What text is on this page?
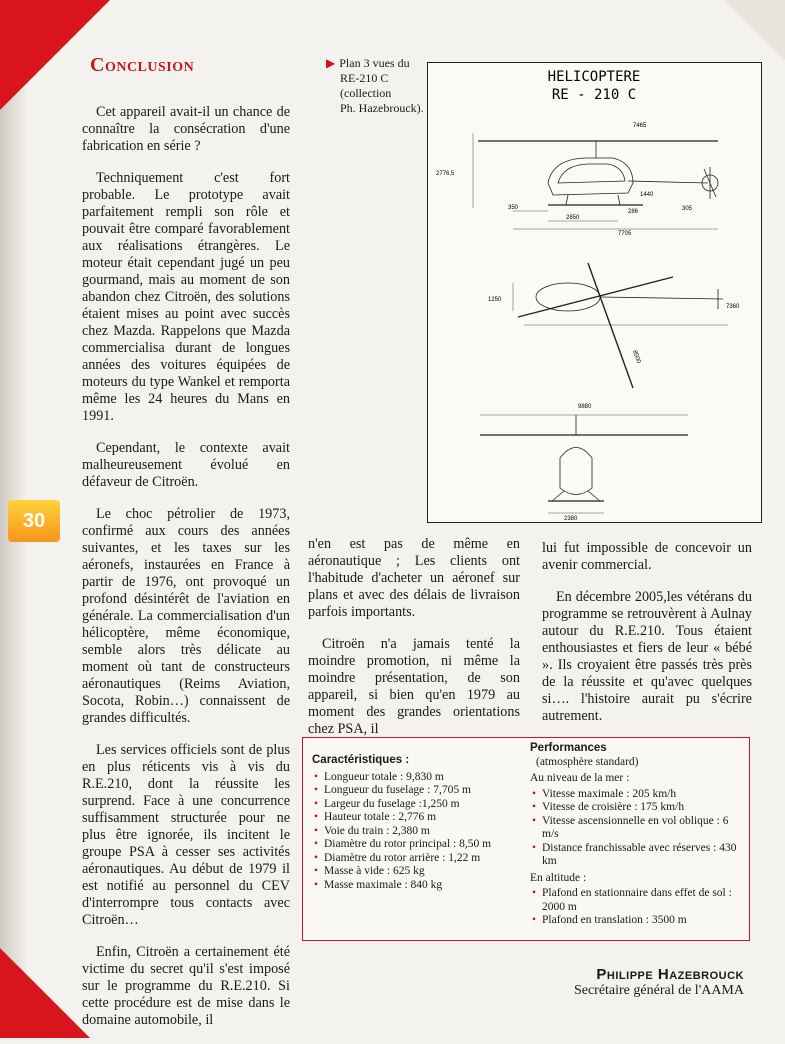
30
Conclusion

Cet appareil avait-il un chance de connaître la consécration d'une fabrication en série ?

Techniquement c'est fort probable. Le prototype avait parfaitement rempli son rôle et pouvait être comparé favorablement aux réalisations étrangères. Le moteur était cependant jugé un peu gourmand, mais au moment de son abandon chez Citroën, des solutions étaient mises au point avec succès chez Mazda. Rappelons que Mazda commercialisa durant de longues années des voitures équipées de moteurs du type Wankel et remporta même les 24 heures du Mans en 1991.

Cependant, le contexte avait malheureusement évolué en défaveur de Citroën.

Le choc pétrolier de 1973, confirmé aux cours des années suivantes, et les taxes sur les aéronefs, instaurées en France à partir de 1976, ont provoqué un profond désintérêt de l'aviation en générale. La commercialisation d'un hélicoptère, même économique, semble alors très délicate au moment où tant de constructeurs aéronautiques (Reims Aviation, Socota, Robin…) connaissent de grandes difficultés.

Les services officiels sont de plus en plus réticents vis à vis du R.E.210, dont la réussite les surprend. Face à une concurrence suffisamment structurée pour ne plus être ignorée, ils incitent le groupe PSA à cesser ses activités aéronautiques. Au début de 1979 il est notifié au personnel du CEV d'interrompre tous contacts avec Citroën…

Enfin, Citroën a certainement été victime du secret qu'il s'est imposé sur le programme du R.E.210. Si cette procédure est de mise dans le domaine automobile, il

▶ Plan 3 vues du
RE-210 C
(collection
Ph. Hazebrouck).
HELICOPTERE
RE - 210 C
7465
2776,5
1440
350
2850
286	305
7705
1250
7360
8500
9880
2380

n'en est pas de même en aéronautique ; Les clients ont l'habitude d'acheter un aéronef sur plans et avec des délais de livraison parfois importants.

Citroën n'a jamais tenté la moindre promotion, ni même la moindre présentation, de son appareil, si bien qu'en 1979 au moment des grandes orientations chez PSA, il

lui fut impossible de concevoir un avenir commercial.

En décembre 2005,les vétérans du programme se retrouvèrent à Aulnay autour du R.E.210. Tous étaient enthousiastes et fiers de leur « bébé ». Ils croyaient être passés très près de la réussite et qu'avec quelques si…. l'histoire aurait pu s'écrire autrement.

Caractéristiques :
• Longueur totale : 9,830 m
• Longueur du fuselage : 7,705 m
• Largeur du fuselage :1,250 m
• Hauteur totale : 2,776 m
• Voie du train : 2,380 m
• Diamètre du rotor principal : 8,50 m
• Diamètre du rotor arrière : 1,22 m
• Masse à vide : 625 kg
• Masse maximale : 840 kg
Performances
(atmosphère standard)
Au niveau de la mer :
• Vitesse maximale : 205 km/h
• Vitesse de croisière : 175 km/h
• Vitesse ascensionnelle en vol oblique : 6 m/s
• Distance franchissable avec réserves : 430 km
En altitude :
• Plafond en stationnaire dans effet de sol : 2000 m
• Plafond en translation : 3500 m
Philippe Hazebrouck
Secrétaire général de l'AAMA
